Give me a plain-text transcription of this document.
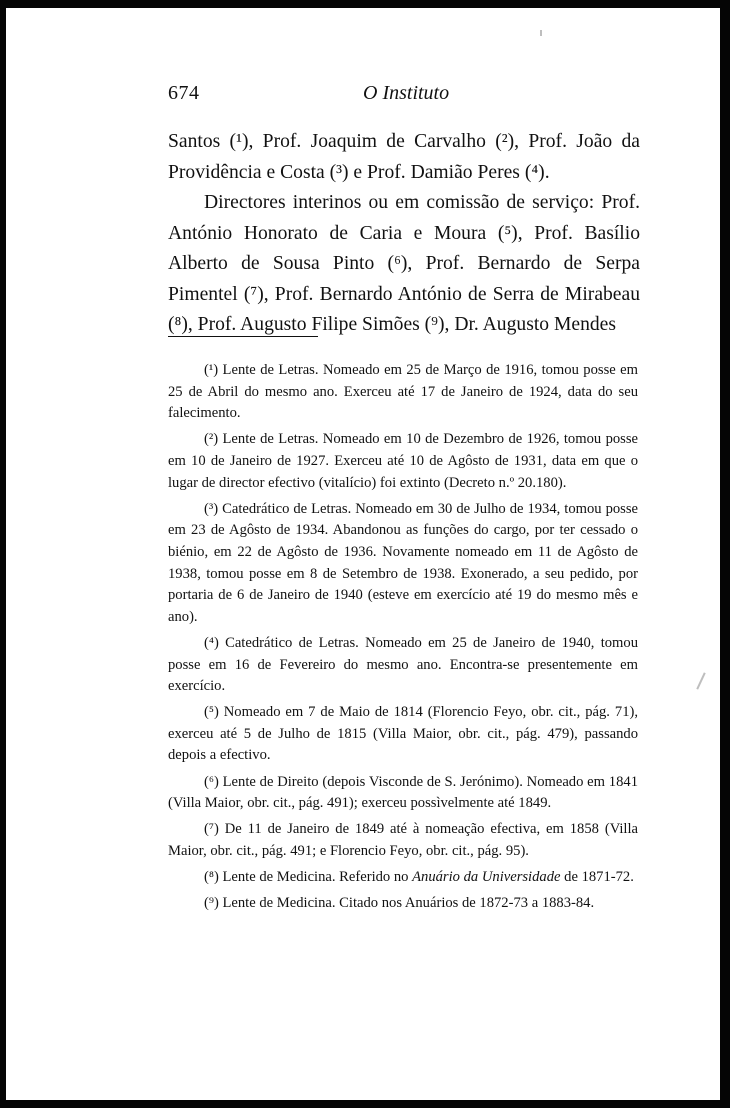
674	O Instituto

Santos (¹), Prof. Joaquim de Carvalho (²), Prof. João da Providência e Costa (³) e Prof. Damião Peres (⁴).

Directores interinos ou em comissão de serviço: Prof. António Honorato de Caria e Moura (⁵), Prof. Basílio Alberto de Sousa Pinto (⁶), Prof. Bernardo de Serpa Pimentel (⁷), Prof. Bernardo António de Serra de Mirabeau (⁸), Prof. Augusto Filipe Simões (⁹), Dr. Augusto Mendes

(¹) Lente de Letras. Nomeado em 25 de Março de 1916, tomou posse em 25 de Abril do mesmo ano. Exerceu até 17 de Janeiro de 1924, data do seu falecimento.

(²) Lente de Letras. Nomeado em 10 de Dezembro de 1926, tomou posse em 10 de Janeiro de 1927. Exerceu até 10 de Agôsto de 1931, data em que o lugar de director efectivo (vitalício) foi extinto (Decreto n.º 20.180).

(³) Catedrático de Letras. Nomeado em 30 de Julho de 1934, tomou posse em 23 de Agôsto de 1934. Abandonou as funções do cargo, por ter cessado o biénio, em 22 de Agôsto de 1936. Novamente nomeado em 11 de Agôsto de 1938, tomou posse em 8 de Setembro de 1938. Exonerado, a seu pedido, por portaria de 6 de Janeiro de 1940 (esteve em exercício até 19 do mesmo mês e ano).

(⁴) Catedrático de Letras. Nomeado em 25 de Janeiro de 1940, tomou posse em 16 de Fevereiro do mesmo ano. Encontra-se presentemente em exercício.

(⁵) Nomeado em 7 de Maio de 1814 (Florencio Feyo, obr. cit., pág. 71), exerceu até 5 de Julho de 1815 (Villa Maior, obr. cit., pág. 479), passando depois a efectivo.

(⁶) Lente de Direito (depois Visconde de S. Jerónimo). Nomeado em 1841 (Villa Maior, obr. cit., pág. 491); exerceu possìvelmente até 1849.

(⁷) De 11 de Janeiro de 1849 até à nomeação efectiva, em 1858 (Villa Maior, obr. cit., pág. 491; e Florencio Feyo, obr. cit., pág. 95).

(⁸) Lente de Medicina. Referido no Anuário da Universidade de 1871-72.

(⁹) Lente de Medicina. Citado nos Anuários de 1872-73 a 1883-84.
